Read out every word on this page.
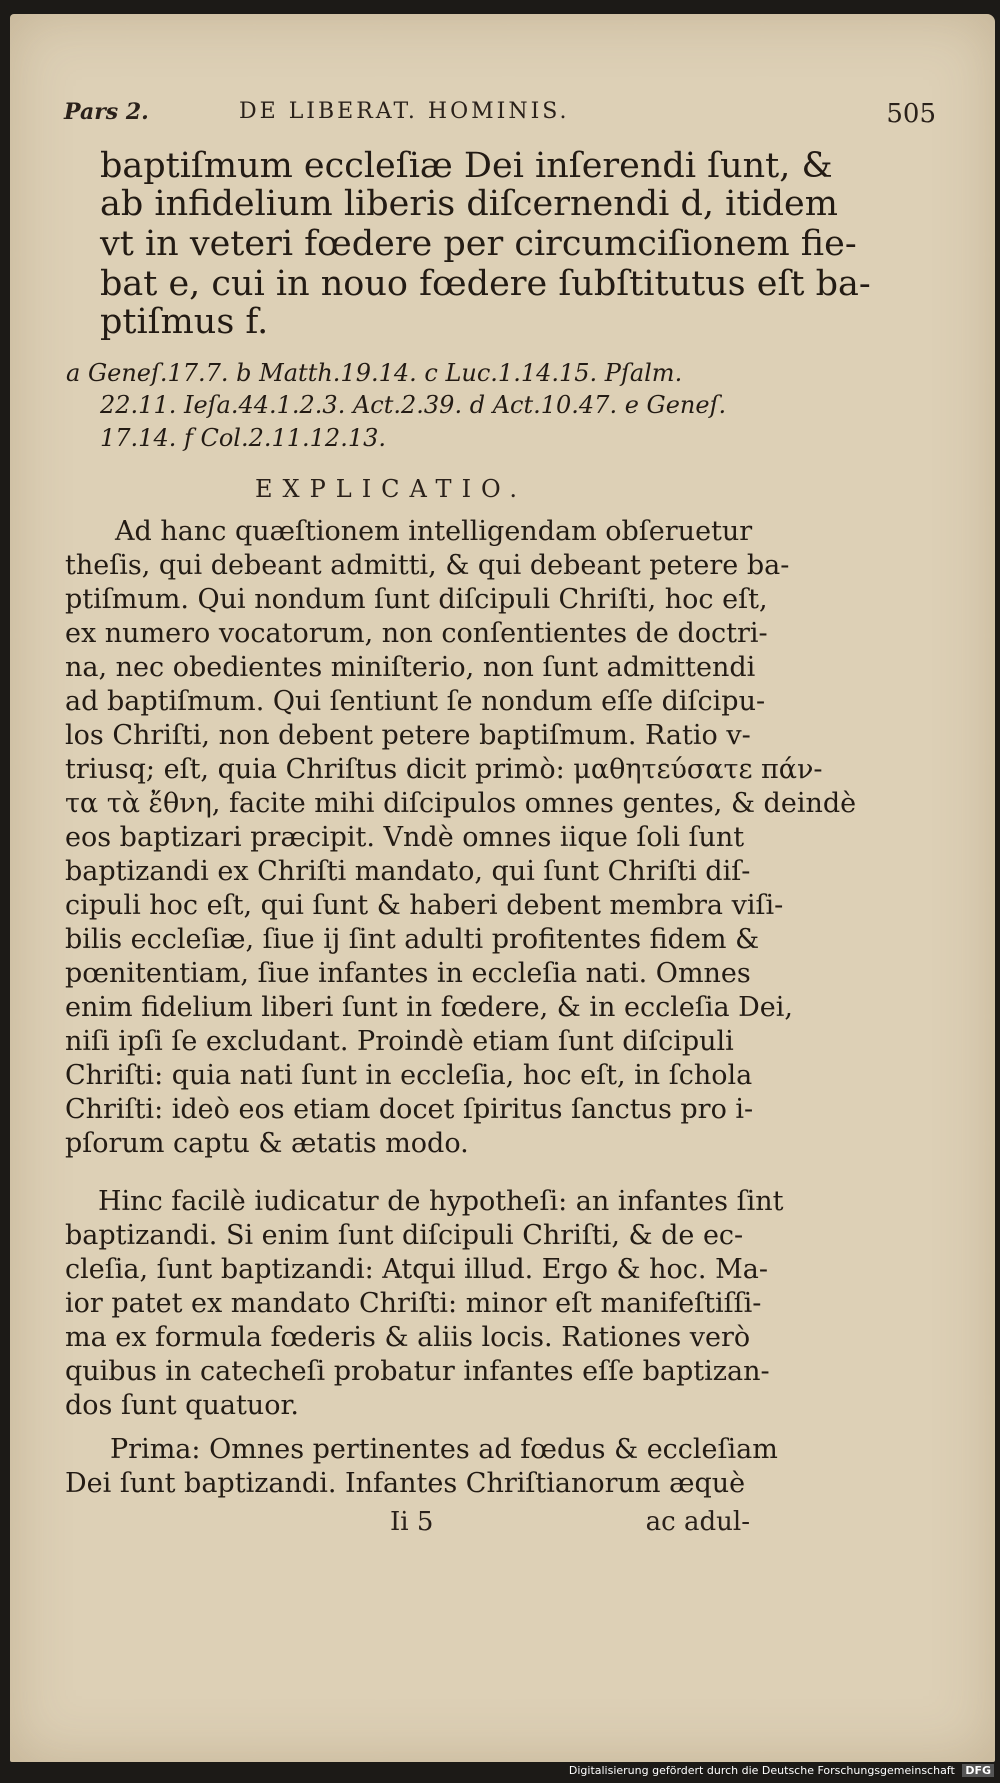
Pars 2.	DE LIBERAT. HOMINIS.	505
baptiſmum eccleſiæ Dei inſerendi ſunt, &
ab infidelium liberis diſcernendi d, itidem
vt in veteri fœdere per circumciſionem fie-
bat e, cui in nouo fœdere ſubſtitutus eſt ba-
ptiſmus f.
a Geneſ.17.7. b Matth.19.14. c Luc.1.14.15. Pſalm.
22.11. Ieſa.44.1.2.3. Act.2.39. d Act.10.47. e Geneſ.
17.14. f Col.2.11.12.13.
EXPLICATIO.
Ad hanc quæſtionem intelligendam obſeruetur
theſis, qui debeant admitti, & qui debeant petere ba-
ptiſmum. Qui nondum ſunt diſcipuli Chriſti, hoc eſt,
ex numero vocatorum, non conſentientes de doctri-
na, nec obedientes miniſterio, non ſunt admittendi
ad baptiſmum. Qui ſentiunt ſe nondum eſſe diſcipu-
los Chriſti, non debent petere baptiſmum. Ratio v-
triusq; eſt, quia Chriſtus dicit primò: μαθητεύσατε πάν-
τα τὰ ἔθνη, facite mihi diſcipulos omnes gentes, & deindè
eos baptizari præcipit. Vndè omnes iique ſoli ſunt
baptizandi ex Chriſti mandato, qui ſunt Chriſti diſ-
cipuli hoc eſt, qui ſunt & haberi debent membra viſi-
bilis eccleſiæ, ſiue ij ſint adulti profitentes fidem &
pœnitentiam, ſiue infantes in eccleſia nati. Omnes
enim fidelium liberi ſunt in fœdere, & in eccleſia Dei,
niſi ipſi ſe excludant. Proindè etiam ſunt diſcipuli
Chriſti: quia nati ſunt in eccleſia, hoc eſt, in ſchola
Chriſti: ideò eos etiam docet ſpiritus ſanctus pro i-
pſorum captu & ætatis modo.
Hinc facilè iudicatur de hypotheſi: an infantes ſint
baptizandi. Si enim ſunt diſcipuli Chriſti, & de ec-
cleſia, ſunt baptizandi: Atqui illud. Ergo & hoc. Ma-
ior patet ex mandato Chriſti: minor eſt manifeſtiſſi-
ma ex formula fœderis & aliis locis. Rationes verò
quibus in catecheſi probatur infantes eſſe baptizan-
dos ſunt quatuor.
Prima: Omnes pertinentes ad fœdus & eccleſiam
Dei ſunt baptizandi. Infantes Chriſtianorum æquè
Ii 5	ac adul-
Digitalisierung gefördert durch die Deutsche Forschungsgemeinschaft DFG
